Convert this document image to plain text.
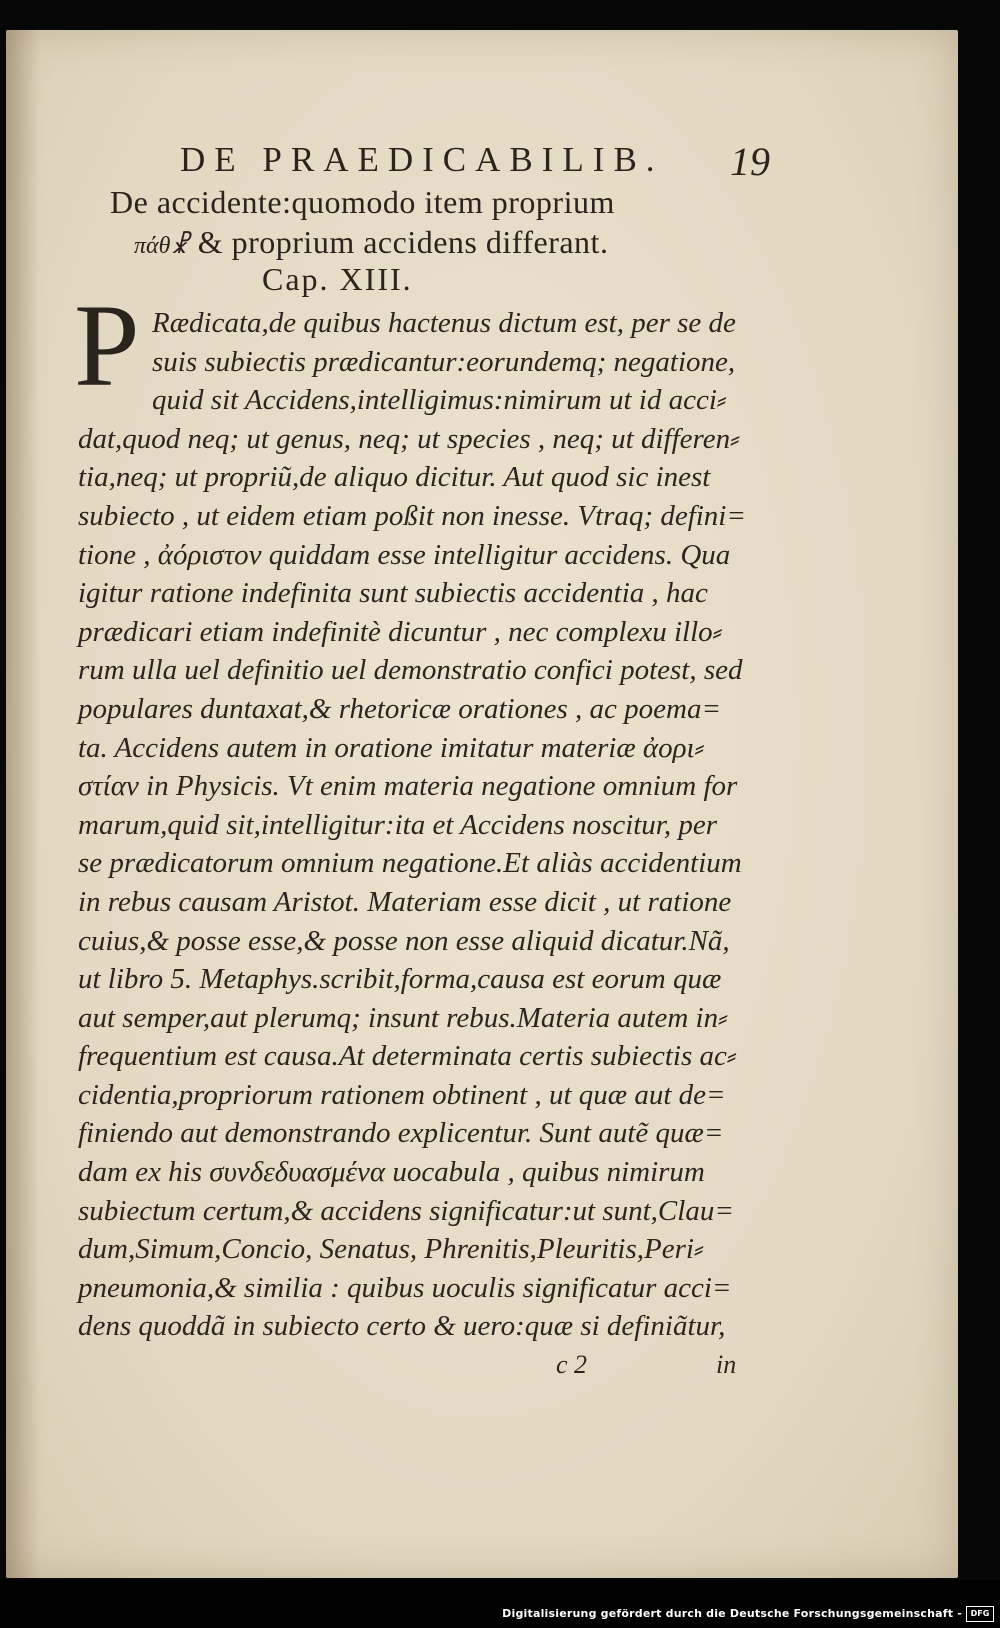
DE PRAEDICABILIB. 19
De accidente:quomodo item proprium
πάθ☧ & proprium accidens differant.
Cap. XIII.
P Rædicata,de quibus hactenus dictum est, per se de
suis subiectis prædicantur:eorundemq; negatione,
quid sit Accidens,intelligimus:nimirum ut id acci⸗
dat,quod neq; ut genus, neq; ut species , neq; ut differen⸗
tia,neq; ut propriũ,de aliquo dicitur. Aut quod sic inest
subiecto , ut eidem etiam poßit non inesse. Vtraq; defini=
tione , ἀόριστον quiddam esse intelligitur accidens. Qua
igitur ratione indefinita sunt subiectis accidentia , hac
prædicari etiam indefinitè dicuntur , nec complexu illo⸗
rum ulla uel definitio uel demonstratio confici potest, sed
populares duntaxat,& rhetoricæ orationes , ac poema=
ta. Accidens autem in oratione imitatur materiæ ἀορι⸗
στίαν in Physicis. Vt enim materia negatione omnium for
marum,quid sit,intelligitur:ita et Accidens noscitur, per
se prædicatorum omnium negatione.Et aliàs accidentium
in rebus causam Aristot. Materiam esse dicit , ut ratione
cuius,& posse esse,& posse non esse aliquid dicatur.Nã,
ut libro 5. Metaphys.scribit,forma,causa est eorum quæ
aut semper,aut plerumq; insunt rebus.Materia autem in⸗
frequentium est causa.At determinata certis subiectis ac⸗
cidentia,propriorum rationem obtinent , ut quæ aut de=
finiendo aut demonstrando explicentur. Sunt autẽ quæ=
dam ex his συνδεδυασμένα uocabula , quibus nimirum
subiectum certum,& accidens significatur:ut sunt,Clau=
dum,Simum,Concio, Senatus, Phrenitis,Pleuritis,Peri⸗
pneumonia,& similia : quibus uoculis significatur acci=
dens quoddã in subiecto certo & uero:quæ si definiãtur,
c 2	in
Digitalisierung gefördert durch die Deutsche Forschungsgemeinschaft -	DFG
